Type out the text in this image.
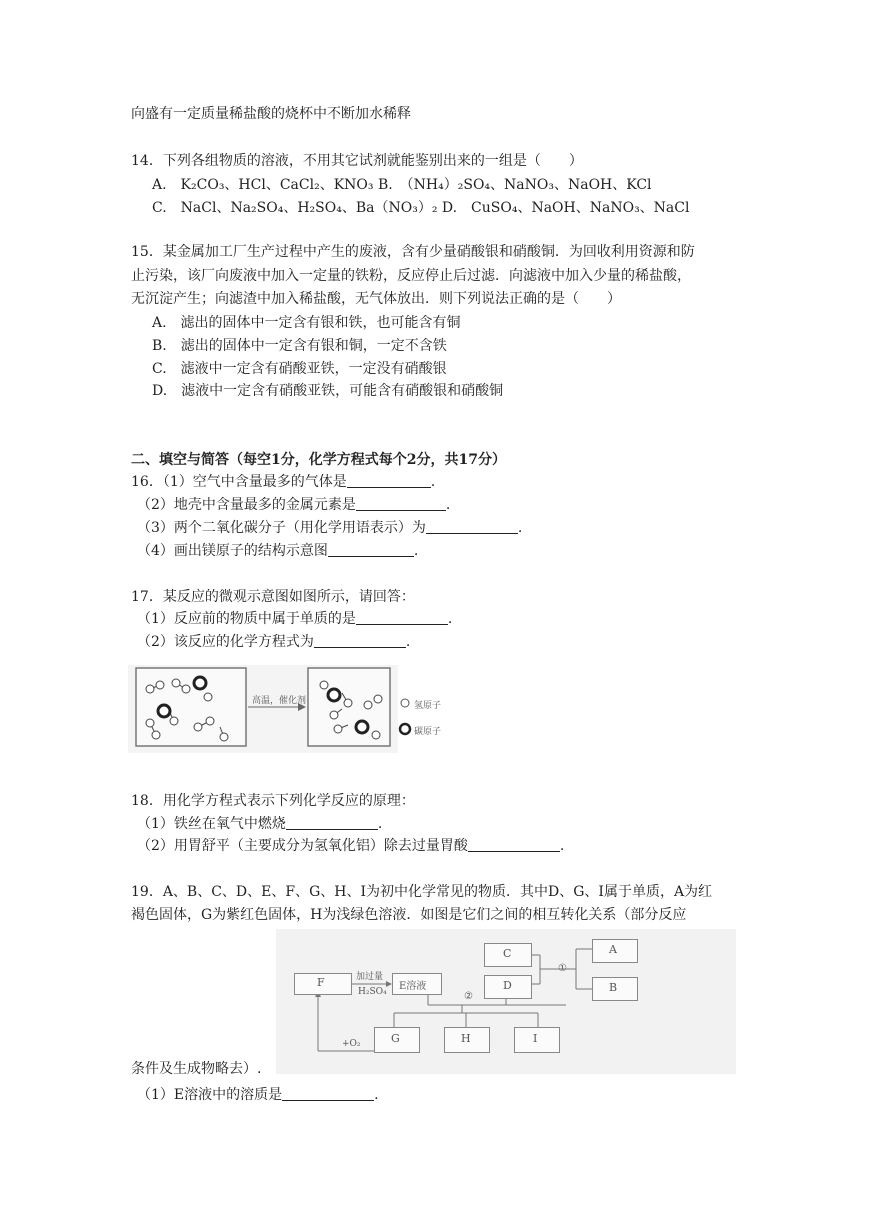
向盛有一定质量稀盐酸的烧杯中不断加水稀释
14．下列各组物质的溶液，不用其它试剂就能鉴别出来的一组是（　　）
A.　K₂CO₃、HCl、CaCl₂、KNO₃ B.　（NH₄）₂SO₄、NaNO₃、NaOH、KCl
C.　NaCl、Na₂SO₄、H₂SO₄、Ba（NO₃）₂ D.　CuSO₄、NaOH、NaNO₃、NaCl
15．某金属加工厂生产过程中产生的废液，含有少量硝酸银和硝酸铜．为回收利用资源和防
止污染，该厂向废液中加入一定量的铁粉，反应停止后过滤．向滤液中加入少量的稀盐酸，
无沉淀产生；向滤渣中加入稀盐酸，无气体放出．则下列说法正确的是（　　）
A.　滤出的固体中一定含有银和铁，也可能含有铜
B.　滤出的固体中一定含有银和铜，一定不含铁
C.　滤液中一定含有硝酸亚铁，一定没有硝酸银
D.　滤液中一定含有硝酸亚铁，可能含有硝酸银和硝酸铜
二、填空与简答（每空1分，化学方程式每个2分，共17分）
16．（1）空气中含量最多的气体是	.
（2）地壳中含量最多的金属元素是	.
（3）两个二氧化碳分子（用化学用语表示）为	.
（4）画出镁原子的结构示意图	.
17．某反应的微观示意图如图所示，请回答：
（1）反应前的物质中属于单质的是	.
（2）该反应的化学方程式为	.
高温，催化剂	氢原子
碳原子
18．用化学方程式表示下列化学反应的原理：
（1）铁丝在氧气中燃烧	.
（2）用胃舒平（主要成分为氢氧化铝）除去过量胃酸	.
19．A、B、C、D、E、F、G、H、I为初中化学常见的物质．其中D、G、I属于单质，A为红
褐色固体，G为紫红色固体，H为浅绿色溶液．如图是它们之间的相互转化关系（部分反应
F	E溶液
C
D
A
B
G	H	I
加过量
H₂SO₄
+O₂
①
②
条件及生成物略去）.
（1）E溶液中的溶质是	.
